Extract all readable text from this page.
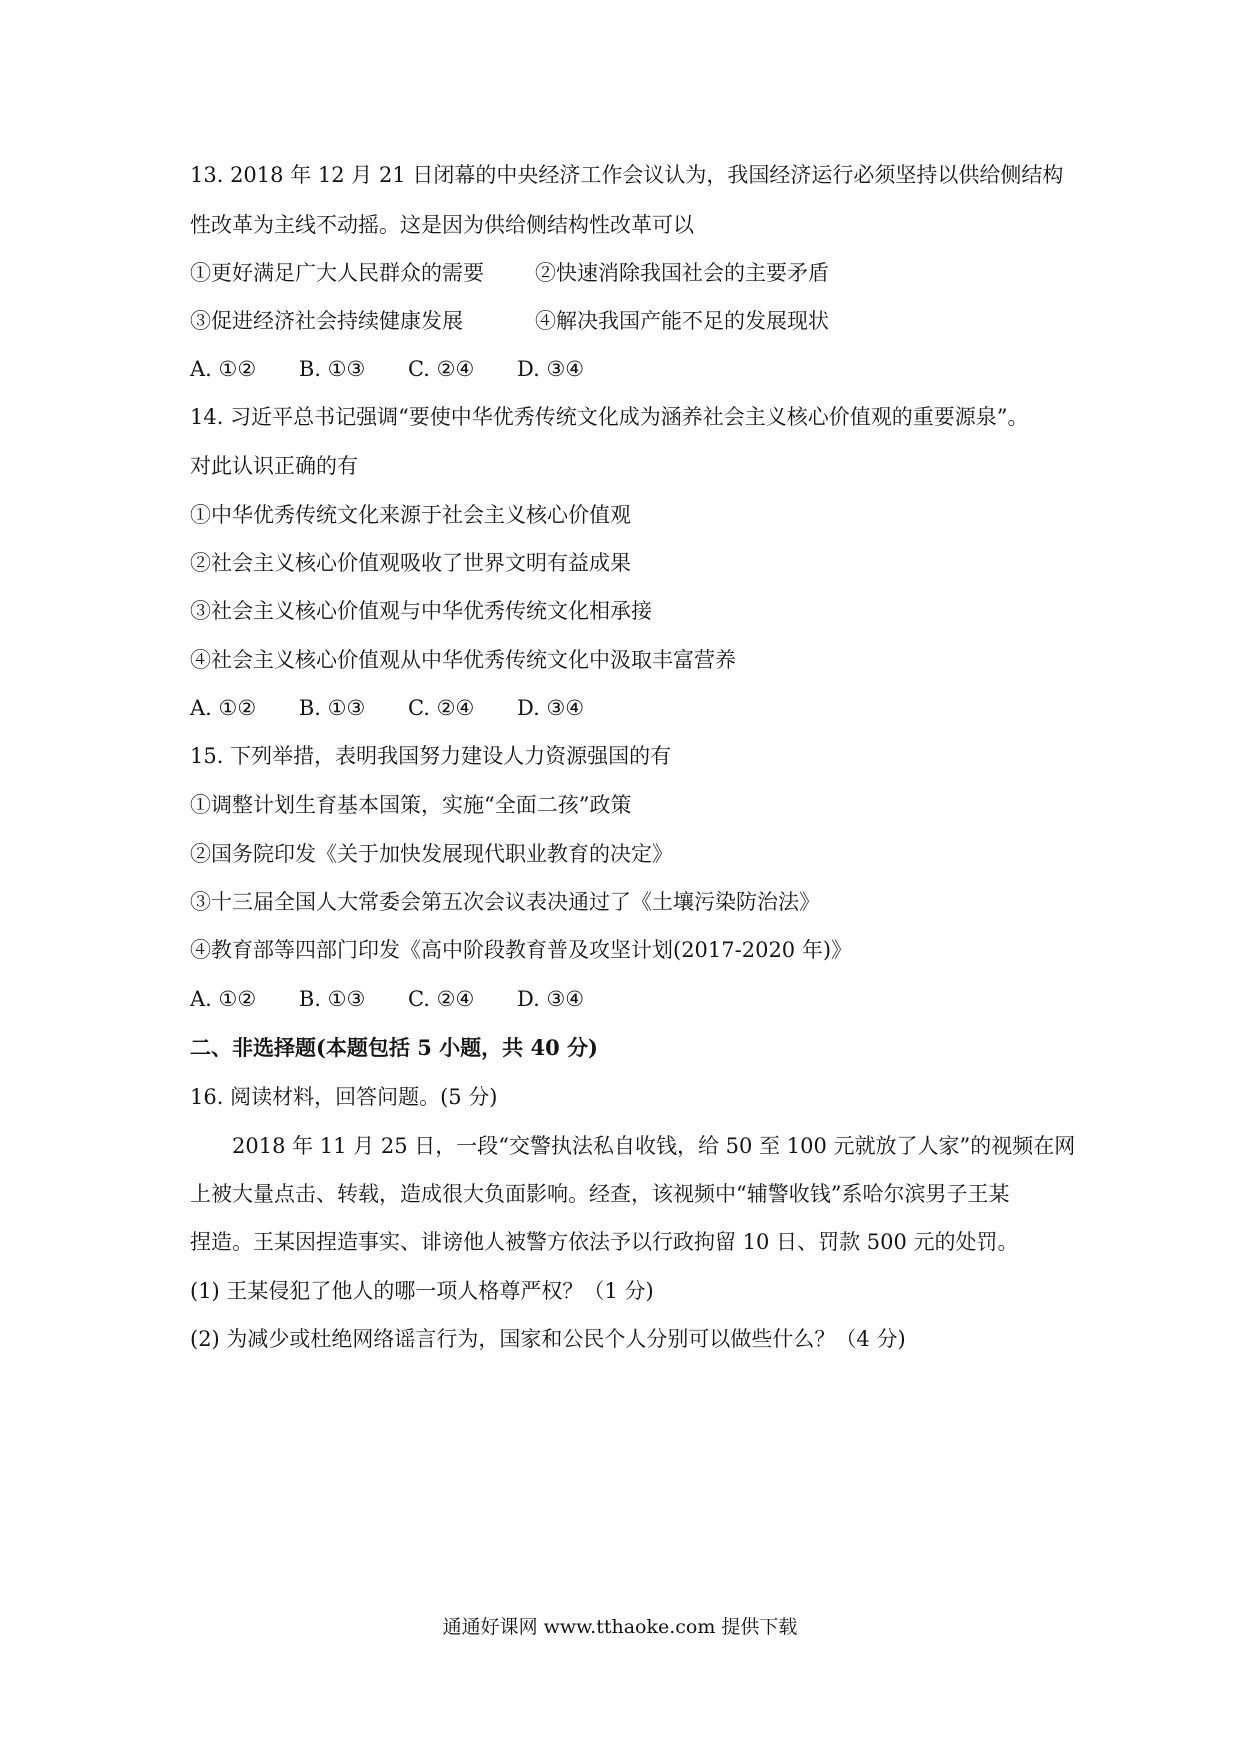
13. 2018 年 12 月 21 日闭幕的中央经济工作会议认为，我国经济运行必须坚持以供给侧结构
性改革为主线不动摇。这是因为供给侧结构性改革可以
①更好满足广大人民群众的需要 ②快速消除我国社会的主要矛盾
③促进经济社会持续健康发展	④解决我国产能不足的发展现状
A. ①② B. ①③ C. ②④ D. ③④
14. 习近平总书记强调“要使中华优秀传统文化成为涵养社会主义核心价值观的重要源泉”。
对此认识正确的有
①中华优秀传统文化来源于社会主义核心价值观
②社会主义核心价值观吸收了世界文明有益成果
③社会主义核心价值观与中华优秀传统文化相承接
④社会主义核心价值观从中华优秀传统文化中汲取丰富营养
A. ①② B. ①③ C. ②④ D. ③④
15. 下列举措，表明我国努力建设人力资源强国的有
①调整计划生育基本国策，实施“全面二孩”政策
②国务院印发《关于加快发展现代职业教育的决定》
③十三届全国人大常委会第五次会议表决通过了《土壤污染防治法》
④教育部等四部门印发《高中阶段教育普及攻坚计划(2017-2020 年)》
A. ①② B. ①③ C. ②④ D. ③④
二、非选择题(本题包括 5 小题，共 40 分)
16. 阅读材料，回答问题。(5 分)
2018 年 11 月 25 日，一段“交警执法私自收钱，给 50 至 100 元就放了人家”的视频在网
上被大量点击、转载，造成很大负面影响。经查，该视频中“辅警收钱”系哈尔滨男子王某
捏造。王某因捏造事实、诽谤他人被警方依法予以行政拘留 10 日、罚款 500 元的处罚。
(1) 王某侵犯了他人的哪一项人格尊严权？（1 分)
(2) 为减少或杜绝网络谣言行为，国家和公民个人分别可以做些什么？（4 分)
通通好课网 www.tthaoke.com 提供下载
